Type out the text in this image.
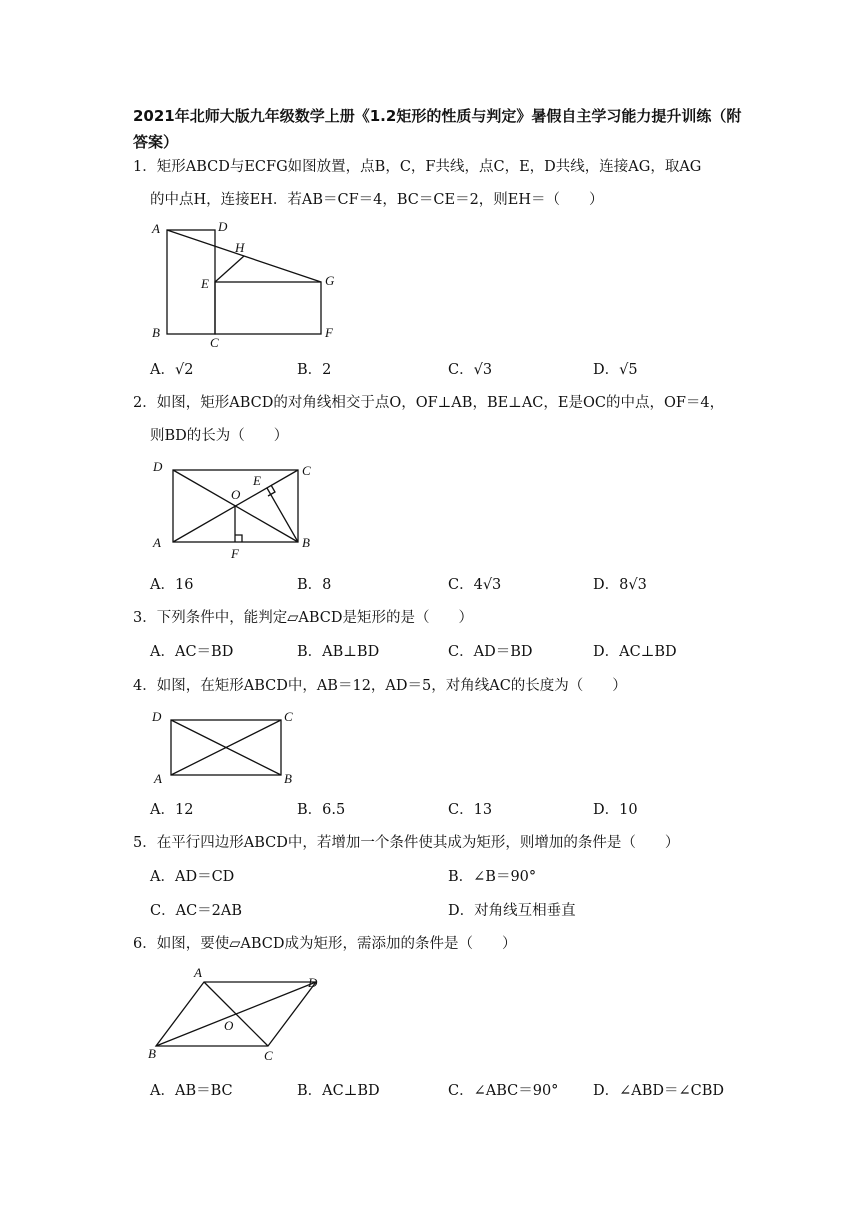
2021年北师大版九年级数学上册《1.2矩形的性质与判定》暑假自主学习能力提升训练（附答案）
1．矩形ABCD与ECFG如图放置，点B，C，F共线，点C，E，D共线，连接AG，取AG
的中点H，连接EH．若AB＝CF＝4，BC＝CE＝2，则EH＝（　　）
A	D
H
E	G
B
C
F
A．√2	B．2	C．√3	D．√5
2．如图，矩形ABCD的对角线相交于点O，OF⊥AB，BE⊥AC，E是OC的中点，OF＝4，
则BD的长为（　　）
D	C
E
O
A
F
B
A．16	B．8	C．4√3	D．8√3
3．下列条件中，能判定▱ABCD是矩形的是（　　）
A．AC＝BD	B．AB⊥BD	C．AD＝BD	D．AC⊥BD
4．如图，在矩形ABCD中，AB＝12，AD＝5，对角线AC的长度为（　　）
D	C
A	B
A．12	B．6.5	C．13	D．10
5．在平行四边形ABCD中，若增加一个条件使其成为矩形，则增加的条件是（　　）
A．AD＝CD	B．∠B＝90°
C．AC＝2AB	D．对角线互相垂直
6．如图，要使▱ABCD成为矩形，需添加的条件是（　　）
A
D
O
B	C
A．AB＝BC	B．AC⊥BD	C．∠ABC＝90° D．∠ABD＝∠CBD
